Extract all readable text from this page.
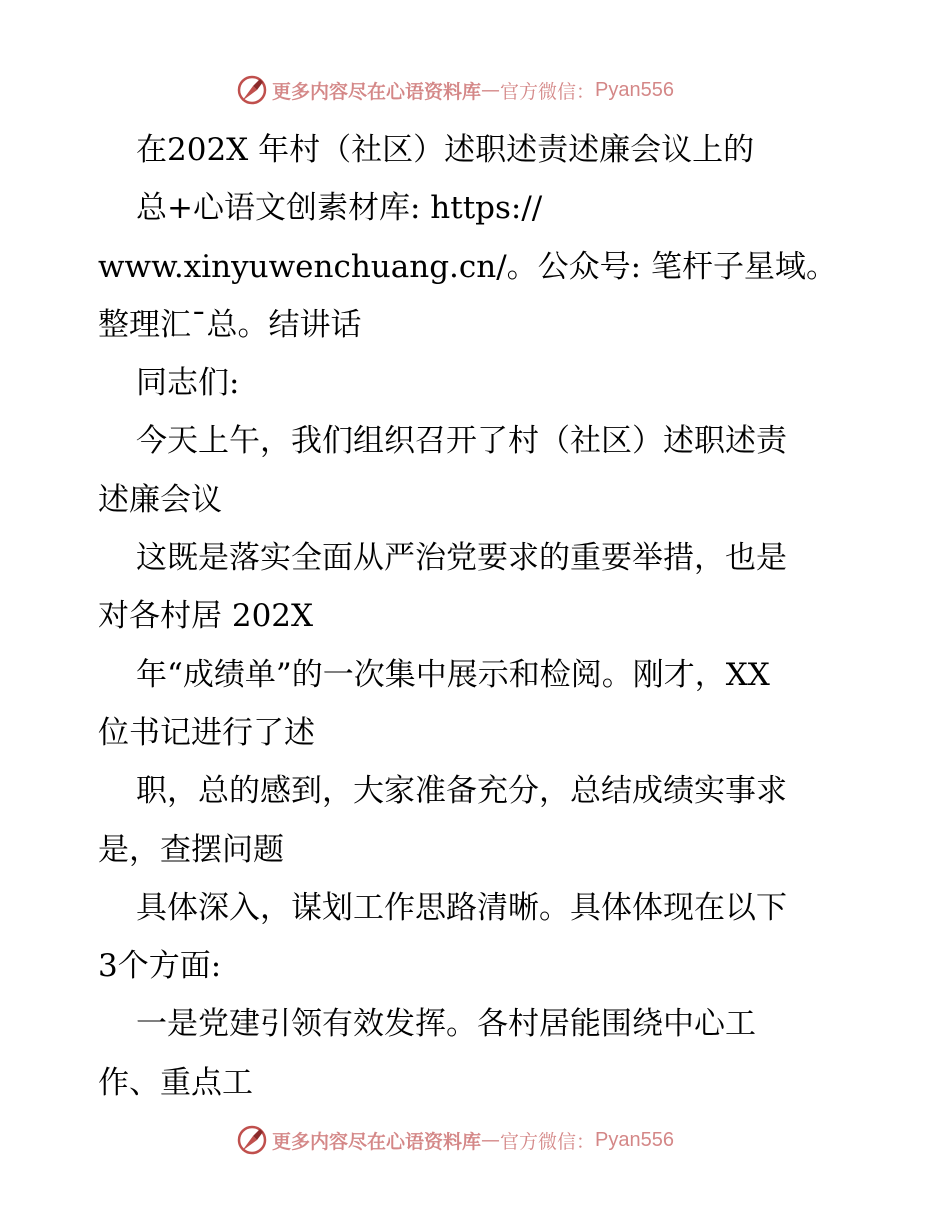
更多内容尽在心语资料库 — 官方微信： Pyan556
在202X 年村（社区）述职述责述廉会议上的
总+心语文创素材库: https://
www.xinyuwenchuang.cn/。公众号: 笔杆子星域。
整理汇¯总。结讲话
同志们:
今天上午，我们组织召开了村（社区）述职述责
述廉会议
这既是落实全面从严治党要求的重要举措，也是
对各村居 202X
年“成绩单”的一次集中展示和检阅。刚才，XX
位书记进行了述
职，总的感到，大家准备充分，总结成绩实事求
是，查摆问题
具体深入，谋划工作思路清晰。具体体现在以下
3个方面:
一是党建引领有效发挥。各村居能围绕中心工
作、重点工
更多内容尽在心语资料库 — 官方微信： Pyan556
